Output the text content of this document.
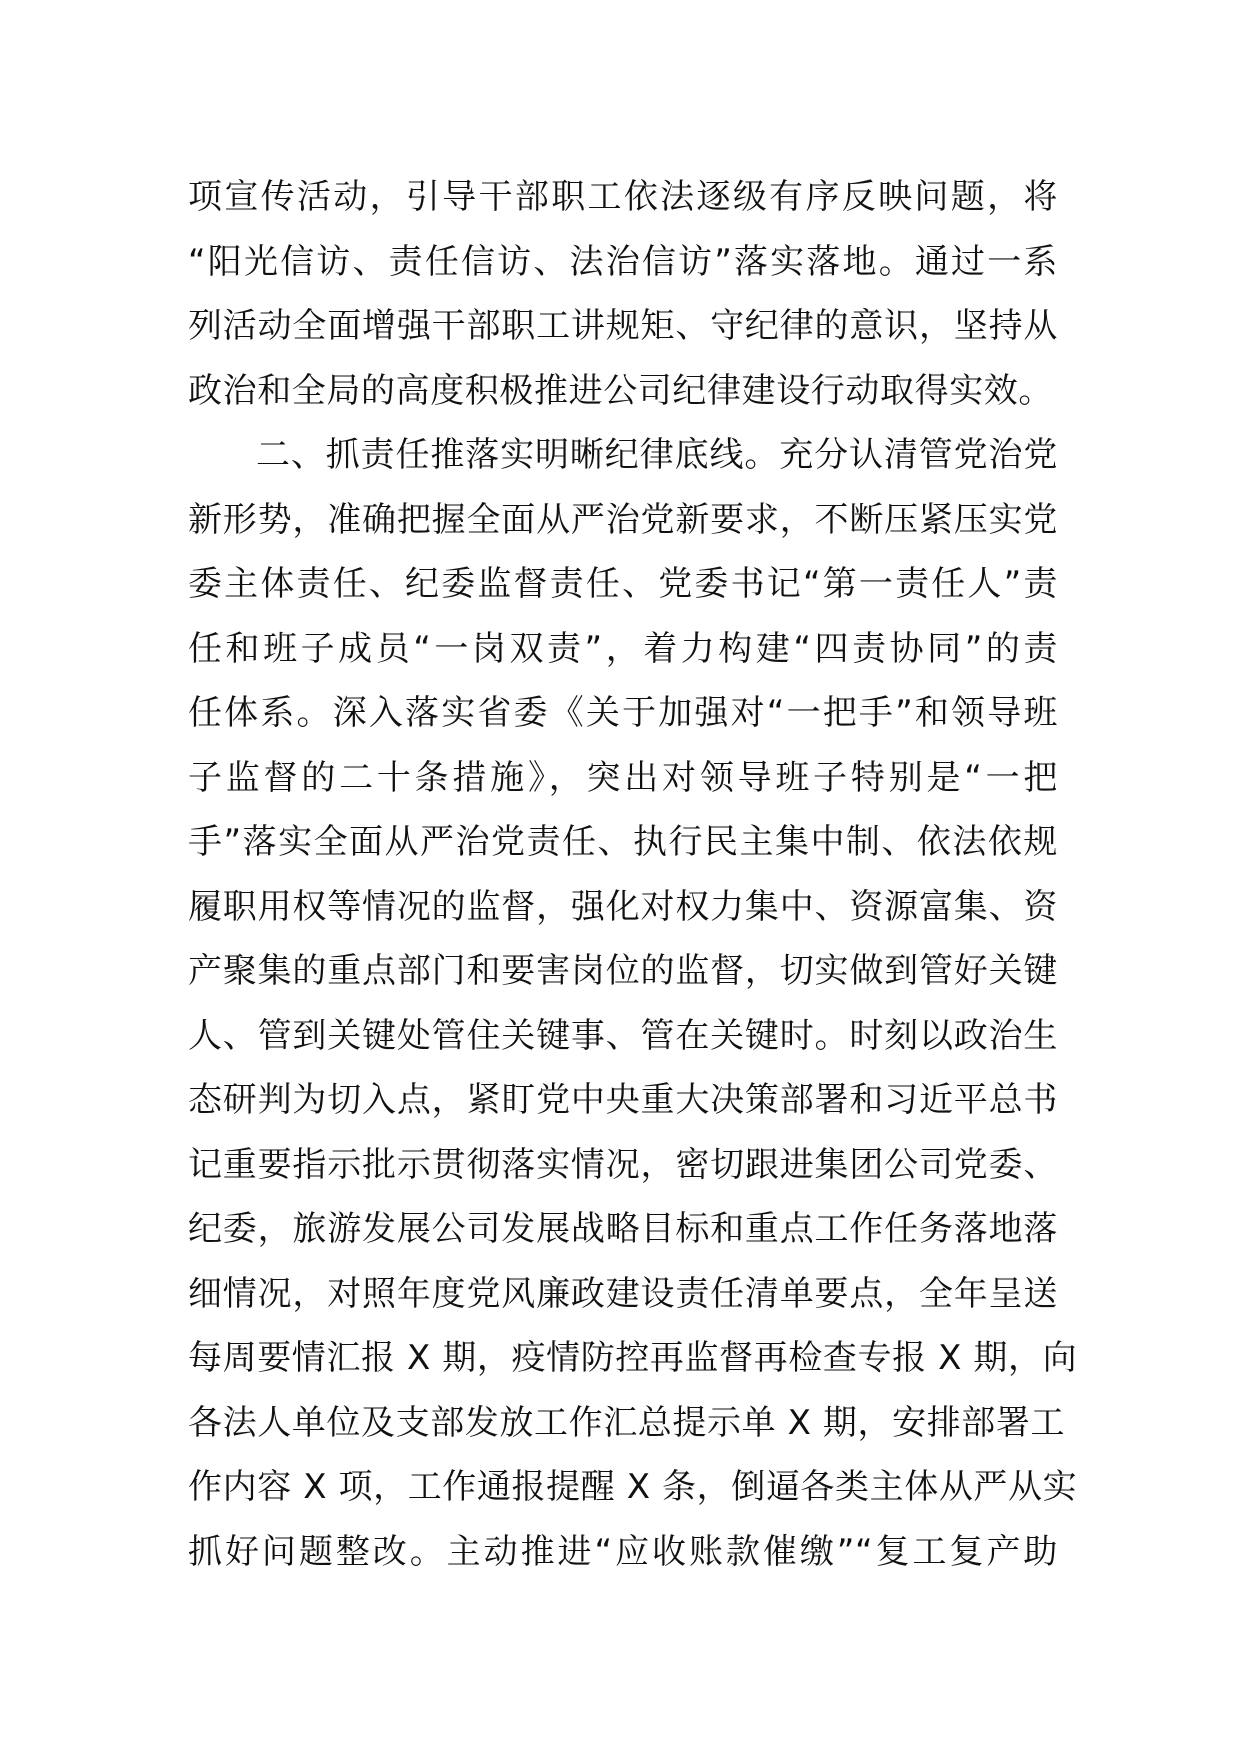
项宣传活动，引导干部职工依法逐级有序反映问题，将
“阳光信访、责任信访、法治信访”落实落地。通过一系
列活动全面增强干部职工讲规矩、守纪律的意识，坚持从
政治和全局的高度积极推进公司纪律建设行动取得实效。
二、抓责任推落实明晰纪律底线。充分认清管党治党
新形势，准确把握全面从严治党新要求，不断压紧压实党
委主体责任、纪委监督责任、党委书记“第一责任人”责
任和班子成员“一岗双责”，着力构建“四责协同”的责
任体系。深入落实省委《关于加强对“一把手”和领导班
子监督的二十条措施》，突出对领导班子特别是“一把
手”落实全面从严治党责任、执行民主集中制、依法依规
履职用权等情况的监督，强化对权力集中、资源富集、资
产聚集的重点部门和要害岗位的监督，切实做到管好关键
人、管到关键处管住关键事、管在关键时。时刻以政治生
态研判为切入点，紧盯党中央重大决策部署和习近平总书
记重要指示批示贯彻落实情况，密切跟进集团公司党委、
纪委，旅游发展公司发展战略目标和重点工作任务落地落
细情况，对照年度党风廉政建设责任清单要点，全年呈送
每周要情汇报 X 期，疫情防控再监督再检查专报 X 期，向
各法人单位及支部发放工作汇总提示单 X 期，安排部署工
作内容 X 项，工作通报提醒 X 条，倒逼各类主体从严从实
抓好问题整改。主动推进“应收账款催缴”“复工复产助
